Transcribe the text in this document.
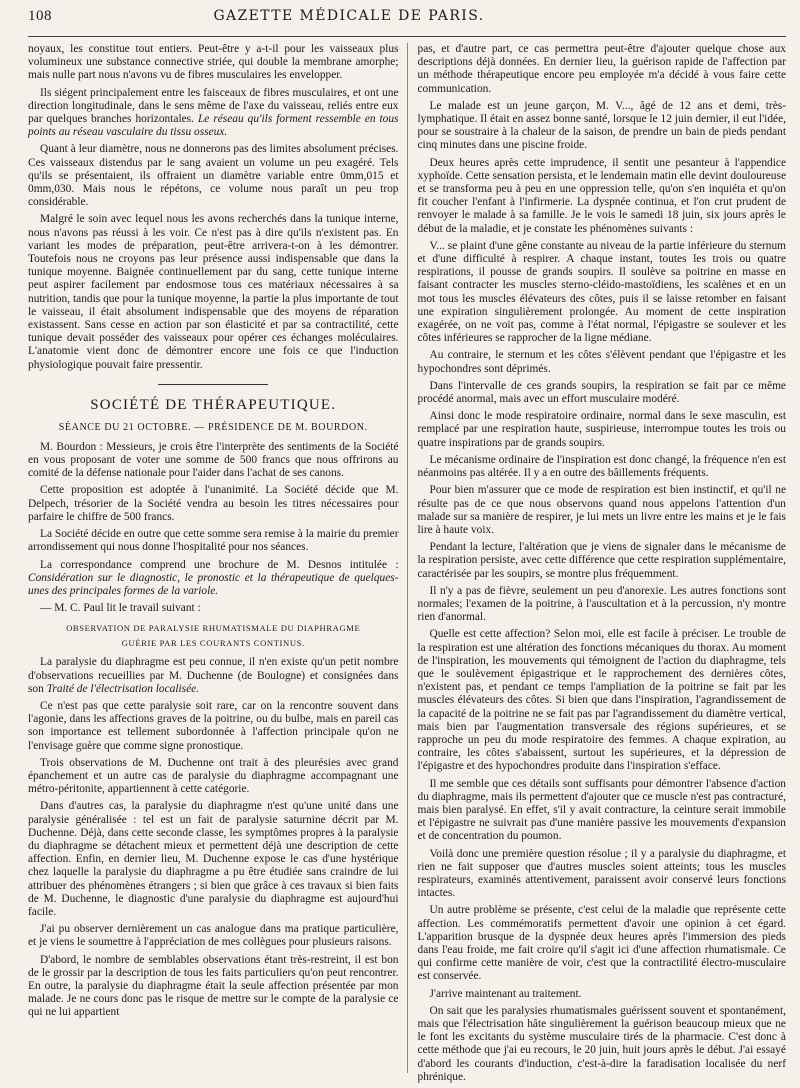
108	GAZETTE MÉDICALE DE PARIS.

noyaux, les constitue tout entiers. Peut-être y a-t-il pour les vaisseaux plus volumineux une substance connective striée, qui double la membrane amorphe; mais nulle part nous n'avons vu de fibres musculaires les envelopper.

Ils siégent principalement entre les faisceaux de fibres musculaires, et ont une direction longitudinale, dans le sens même de l'axe du vaisseau, reliés entre eux par quelques branches horizontales. Le réseau qu'ils forment ressemble en tous points au réseau vasculaire du tissu osseux.

Quant à leur diamètre, nous ne donnerons pas des limites absolument précises. Ces vaisseaux distendus par le sang avaient un volume un peu exagéré. Tels qu'ils se présentaient, ils offraient un diamètre variable entre 0mm,015 et 0mm,030. Mais nous le répétons, ce volume nous paraît un peu trop considérable.

Malgré le soin avec lequel nous les avons recherchés dans la tunique interne, nous n'avons pas réussi à les voir. Ce n'est pas à dire qu'ils n'existent pas. En variant les modes de préparation, peut-être arrivera-t-on à les démontrer. Toutefois nous ne croyons pas leur présence aussi indispensable que dans la tunique moyenne. Baignée continuellement par du sang, cette tunique interne peut aspirer facilement par endosmose tous ces matériaux nécessaires à sa nutrition, tandis que pour la tunique moyenne, la partie la plus importante de tout le vaisseau, il était absolument indispensable que des moyens de réparation existassent. Sans cesse en action par son élasticité et par sa contractilité, cette tunique devait posséder des vaisseaux pour opérer ces échanges moléculaires. L'anatomie vient donc de démontrer encore une fois ce que l'induction physiologique pouvait faire pressentir.

SOCIÉTÉ DE THÉRAPEUTIQUE.
SÉANCE DU 21 OCTOBRE. — PRÉSIDENCE DE M. BOURDON.

M. Bourdon : Messieurs, je crois être l'interprète des sentiments de la Société en vous proposant de voter une somme de 500 francs que nous offrirons au comité de la défense nationale pour l'aider dans l'achat de ses canons.

Cette proposition est adoptée à l'unanimité. La Société décide que M. Delpech, trésorier de la Société vendra au besoin les titres nécessaires pour parfaire le chiffre de 500 francs.

La Société décide en outre que cette somme sera remise à la mairie du premier arrondissement qui nous donne l'hospitalité pour nos séances.

La correspondance comprend une brochure de M. Desnos intitulée : Considération sur le diagnostic, le pronostic et la thérapeutique de quelques-unes des principales formes de la variole.

— M. C. Paul lit le travail suivant :

OBSERVATION DE PARALYSIE RHUMATISMALE DU DIAPHRAGME
GUÉRIE PAR LES COURANTS CONTINUS.

La paralysie du diaphragme est peu connue, il n'en existe qu'un petit nombre d'observations recueillies par M. Duchenne (de Boulogne) et consignées dans son Traité de l'électrisation localisée.

Ce n'est pas que cette paralysie soit rare, car on la rencontre souvent dans l'agonie, dans les affections graves de la poitrine, ou du bulbe, mais en pareil cas son importance est tellement subordonnée à l'affection principale qu'on ne l'envisage guère que comme signe pronostique.

Trois observations de M. Duchenne ont trait à des pleurésies avec grand épanchement et un autre cas de paralysie du diaphragme accompagnant une métro-péritonite, appartiennent à cette catégorie.

Dans d'autres cas, la paralysie du diaphragme n'est qu'une unité dans une paralysie généralisée : tel est un fait de paralysie saturnine décrit par M. Duchenne. Déjà, dans cette seconde classe, les symptômes propres à la paralysie du diaphragme se détachent mieux et permettent déjà une description de cette affection. Enfin, en dernier lieu, M. Duchenne expose le cas d'une hystérique chez laquelle la paralysie du diaphragme a pu être étudiée sans craindre de lui attribuer des phénomènes étrangers ; si bien que grâce à ces travaux si bien faits de M. Duchenne, le diagnostic d'une paralysie du diaphragme est aujourd'hui facile.

J'ai pu observer dernièrement un cas analogue dans ma pratique particulière, et je viens le soumettre à l'appréciation de mes collègues pour plusieurs raisons.

D'abord, le nombre de semblables observations étant très-restreint, il est bon de le grossir par la description de tous les faits particuliers qu'on peut rencontrer. En outre, la paralysie du diaphragme était la seule affection présentée par mon malade. Je ne cours donc pas le risque de mettre sur le compte de la paralysie ce qui ne lui appartient

pas, et d'autre part, ce cas permettra peut-être d'ajouter quelque chose aux descriptions déjà données. En dernier lieu, la guérison rapide de l'affection par un méthode thérapeutique encore peu employée m'a décidé à vous faire cette communication.

Le malade est un jeune garçon, M. V..., âgé de 12 ans et demi, très-lymphatique. Il était en assez bonne santé, lorsque le 12 juin dernier, il eut l'idée, pour se soustraire à la chaleur de la saison, de prendre un bain de pieds pendant cinq minutes dans une piscine froide.

Deux heures après cette imprudence, il sentit une pesanteur à l'appendice xyphoïde. Cette sensation persista, et le lendemain matin elle devint douloureuse et se transforma peu à peu en une oppression telle, qu'on s'en inquiéta et qu'on fit coucher l'enfant à l'infirmerie. La dyspnée continua, et l'on crut prudent de renvoyer le malade à sa famille. Je le vois le samedi 18 juin, six jours après le début de la maladie, et je constate les phénomènes suivants :

V... se plaint d'une gêne constante au niveau de la partie inférieure du sternum et d'une difficulté à respirer. A chaque instant, toutes les trois ou quatre respirations, il pousse de grands soupirs. Il soulève sa poitrine en masse en faisant contracter les muscles sterno-cléido-mastoïdiens, les scalènes et en un mot tous les muscles élévateurs des côtes, puis il se laisse retomber en faisant une expiration singulièrement prolongée. Au moment de cette inspiration exagérée, on ne voit pas, comme à l'état normal, l'épigastre se soulever et les côtes inférieures se rapprocher de la ligne médiane.

Au contraire, le sternum et les côtes s'élèvent pendant que l'épigastre et les hypochondres sont déprimés.

Dans l'intervalle de ces grands soupirs, la respiration se fait par ce même procédé anormal, mais avec un effort musculaire modéré.

Ainsi donc le mode respiratoire ordinaire, normal dans le sexe masculin, est remplacé par une respiration haute, suspirieuse, interrompue toutes les trois ou quatre inspirations par de grands soupirs.

Le mécanisme ordinaire de l'inspiration est donc changé, la fréquence n'en est néanmoins pas altérée. Il y a en outre des bâillements fréquents.

Pour bien m'assurer que ce mode de respiration est bien instinctif, et qu'il ne résulte pas de ce que nous observons quand nous appelons l'attention d'un malade sur sa manière de respirer, je lui mets un livre entre les mains et je le fais lire à haute voix.

Pendant la lecture, l'altération que je viens de signaler dans le mécanisme de la respiration persiste, avec cette différence que cette respiration supplémentaire, caractérisée par les soupirs, se montre plus fréquemment.

Il n'y a pas de fièvre, seulement un peu d'anorexie. Les autres fonctions sont normales; l'examen de la poitrine, à l'auscultation et à la percussion, n'y montre rien d'anormal.

Quelle est cette affection? Selon moi, elle est facile à préciser. Le trouble de la respiration est une altération des fonctions mécaniques du thorax. Au moment de l'inspiration, les mouvements qui témoignent de l'action du diaphragme, tels que le soulèvement épigastrique et le rapprochement des dernières côtes, n'existent pas, et pendant ce temps l'ampliation de la poitrine se fait par les muscles élévateurs des côtes. Si bien que dans l'inspiration, l'agrandissement de la capacité de la poitrine ne se fait pas par l'agrandissement du diamètre vertical, mais bien par l'augmentation transversale des régions supérieures, et se rapproche un peu du mode respiratoire des femmes. A chaque expiration, au contraire, les côtes s'abaissent, surtout les supérieures, et la dépression de l'épigastre et des hypochondres produite dans l'inspiration s'efface.

Il me semble que ces détails sont suffisants pour démontrer l'absence d'action du diaphragme, mais ils permettent d'ajouter que ce muscle n'est pas contracturé, mais bien paralysé. En effet, s'il y avait contracture, la ceinture serait immobile et l'épigastre ne suivrait pas d'une manière passive les mouvements d'expansion et de concentration du poumon.

Voilà donc une première question résolue ; il y a paralysie du diaphragme, et rien ne fait supposer que d'autres muscles soient atteints; tous les muscles respirateurs, examinés attentivement, paraissent avoir conservé leurs fonctions intactes.

Un autre problème se présente, c'est celui de la maladie que représente cette affection. Les commémoratifs permettent d'avoir une opinion à cet égard. L'apparition brusque de la dyspnée deux heures après l'immersion des pieds dans l'eau froide, me fait croire qu'il s'agit ici d'une affection rhumatismale. Ce qui confirme cette manière de voir, c'est que la contractilité électro-musculaire est conservée.

J'arrive maintenant au traitement.

On sait que les paralysies rhumatismales guérissent souvent et spontanément, mais que l'électrisation hâte singulièrement la guérison beaucoup mieux que ne le font les excitants du système musculaire tirés de la pharmacie. C'est donc à cette méthode que j'ai eu recours, le 20 juin, huit jours après le début. J'ai essayé d'abord les courants d'induction, c'est-à-dire la faradisation localisée du nerf phrénique.
